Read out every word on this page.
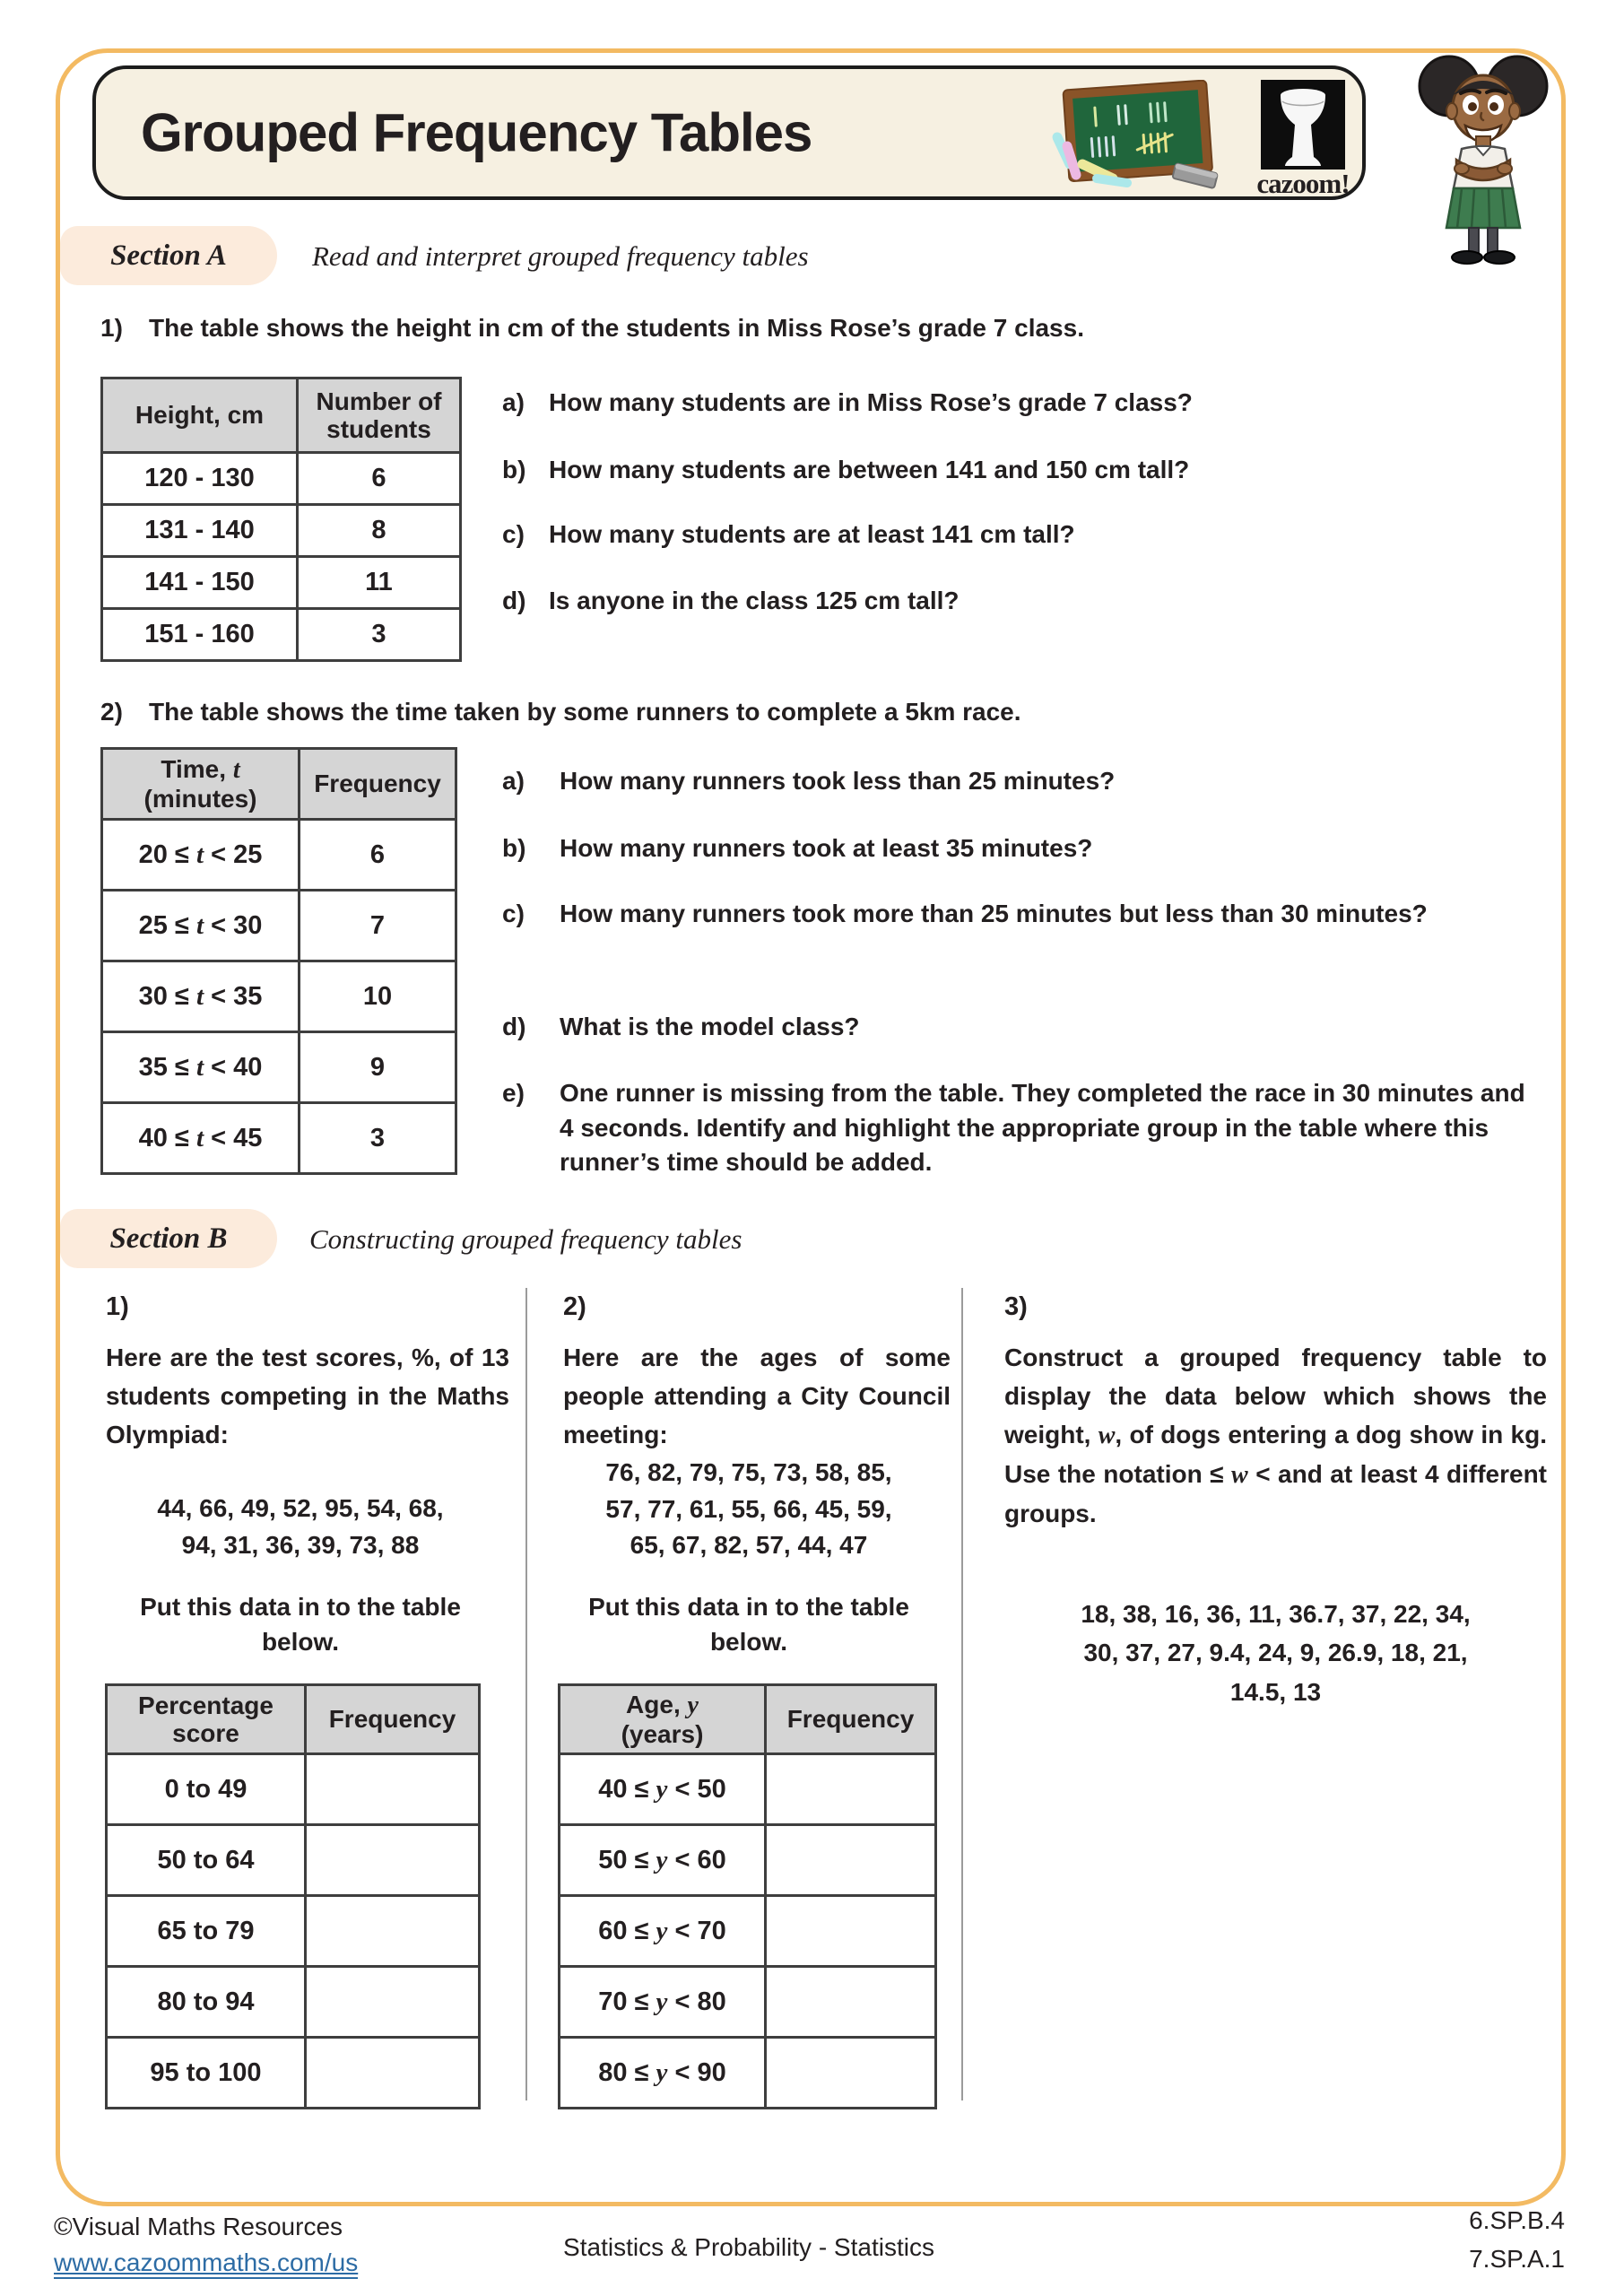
Grouped Frequency Tables
cazoom!
Section A	Read and interpret grouped frequency tables
1)	The table shows the height in cm of the students in Miss Rose’s grade 7 class.
Height, cm	Number of students
120 - 130	6
131 - 140	8
141 - 150	11
151 - 160	3
a) How many students are in Miss Rose’s grade 7 class?
b) How many students are between 141 and 150 cm tall?
c) How many students are at least 141 cm tall?
d) Is anyone in the class 125 cm tall?
2)	The table shows the time taken by some runners to complete a 5km race.
Time, t
(minutes)	Frequency
20 ≤ t < 25	6
25 ≤ t < 30	7
30 ≤ t < 35	10
35 ≤ t < 40	9
40 ≤ t < 45	3
a)	How many runners took less than 25 minutes?
b)	How many runners took at least 35 minutes?
c)	How many runners took more than 25 minutes but less than 30 minutes?
d)	What is the model class?
e)	One runner is missing from the table. They completed the race in 30 minutes and 4 seconds. Identify and highlight the appropriate group in the table where this runner’s time should be added.
Section B	Constructing grouped frequency tables
1)
Here are the test scores, %, of 13 students competing in the Maths Olympiad:
44, 66, 49, 52, 95, 54, 68,
94, 31, 36, 39, 73, 88
Put this data in to the table below.
Percentage
score	Frequency
0 to 49	
50 to 64	
65 to 79	
80 to 94	
95 to 100	
2)
Here are the ages of some people attending a City Council meeting:
76, 82, 79, 75, 73, 58, 85,
57, 77, 61, 55, 66, 45, 59,
65, 67, 82, 57, 44, 47
Put this data in to the table below.
Age, y
(years)	Frequency
40 ≤ y < 50	
50 ≤ y < 60	
60 ≤ y < 70	
70 ≤ y < 80	
80 ≤ y < 90	
3)
Construct a grouped frequency table to display the data below which shows the weight, w, of dogs entering a dog show in kg. Use the notation ≤ w < and at least 4 different groups.
18, 38, 16, 36, 11, 36.7, 37, 22, 34,
30, 37, 27, 9.4, 24, 9, 26.9, 18, 21,
14.5, 13
©Visual Maths Resources
www.cazoommaths.com/us
Statistics & Probability - Statistics
6.SP.B.4
7.SP.A.1
